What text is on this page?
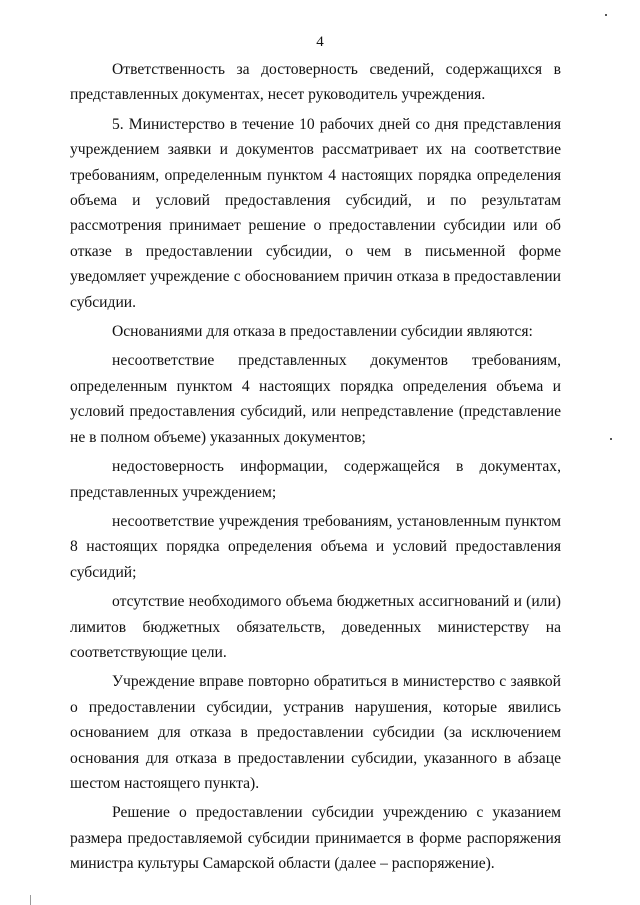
4

Ответственность за достоверность сведений, содержащихся в представленных документах, несет руководитель учреждения.

5. Министерство в течение 10 рабочих дней со дня представления учреждением заявки и документов рассматривает их на соответствие требованиям, определенным пунктом 4 настоящих порядка определения объема и условий предоставления субсидий, и по результатам рассмотрения принимает решение о предоставлении субсидии или об отказе в предоставлении субсидии, о чем в письменной форме уведомляет учреждение с обоснованием причин отказа в предоставлении субсидии.

Основаниями для отказа в предоставлении субсидии являются:

несоответствие представленных документов требованиям, определенным пунктом 4 настоящих порядка определения объема и условий предоставления субсидий, или непредставление (представление не в полном объеме) указанных документов;

недостоверность информации, содержащейся в документах, представленных учреждением;

несоответствие учреждения требованиям, установленным пунктом 8 настоящих порядка определения объема и условий предоставления субсидий;

отсутствие необходимого объема бюджетных ассигнований и (или) лимитов бюджетных обязательств, доведенных министерству на соответствующие цели.

Учреждение вправе повторно обратиться в министерство с заявкой о предоставлении субсидии, устранив нарушения, которые явились основанием для отказа в предоставлении субсидии (за исключением основания для отказа в предоставлении субсидии, указанного в абзаце шестом настоящего пункта).

Решение о предоставлении субсидии учреждению с указанием размера предоставляемой субсидии принимается в форме распоряжения министра культуры Самарской области (далее – распоряжение).
